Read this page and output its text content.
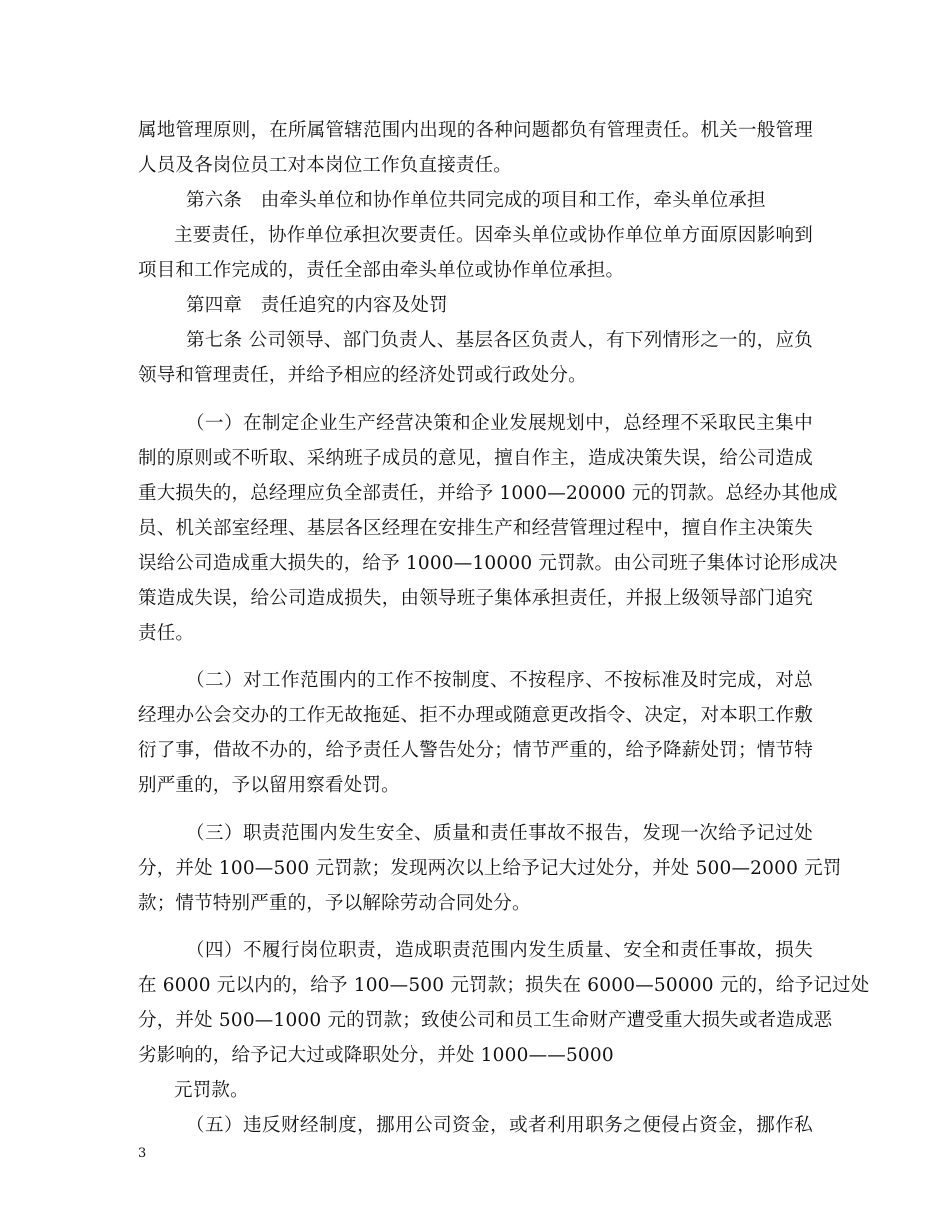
属地管理原则，在所属管辖范围内出现的各种问题都负有管理责任。机关一般管理
人员及各岗位员工对本岗位工作负直接责任。
第六条　由牵头单位和协作单位共同完成的项目和工作，牵头单位承担
主要责任，协作单位承担次要责任。因牵头单位或协作单位单方面原因影响到
项目和工作完成的，责任全部由牵头单位或协作单位承担。
第四章　责任追究的内容及处罚
第七条 公司领导、部门负责人、基层各区负责人，有下列情形之一的，应负
领导和管理责任，并给予相应的经济处罚或行政处分。
（一）在制定企业生产经营决策和企业发展规划中，总经理不采取民主集中
制的原则或不听取、采纳班子成员的意见，擅自作主，造成决策失误，给公司造成
重大损失的，总经理应负全部责任，并给予 1000—20000 元的罚款。总经办其他成
员、机关部室经理、基层各区经理在安排生产和经营管理过程中，擅自作主决策失
误给公司造成重大损失的，给予 1000—10000 元罚款。由公司班子集体讨论形成决
策造成失误，给公司造成损失，由领导班子集体承担责任，并报上级领导部门追究
责任。
（二）对工作范围内的工作不按制度、不按程序、不按标准及时完成，对总
经理办公会交办的工作无故拖延、拒不办理或随意更改指令、决定，对本职工作敷
衍了事，借故不办的，给予责任人警告处分；情节严重的，给予降薪处罚；情节特
别严重的，予以留用察看处罚。
（三）职责范围内发生安全、质量和责任事故不报告，发现一次给予记过处
分，并处 100—500 元罚款；发现两次以上给予记大过处分，并处 500—2000 元罚
款；情节特别严重的，予以解除劳动合同处分。
（四）不履行岗位职责，造成职责范围内发生质量、安全和责任事故，损失
在 6000 元以内的，给予 100—500 元罚款；损失在 6000—50000 元的，给予记过处
分，并处 500—1000 元的罚款；致使公司和员工生命财产遭受重大损失或者造成恶
劣影响的，给予记大过或降职处分，并处 1000——5000
元罚款。
（五）违反财经制度，挪用公司资金，或者利用职务之便侵占资金，挪作私
3
